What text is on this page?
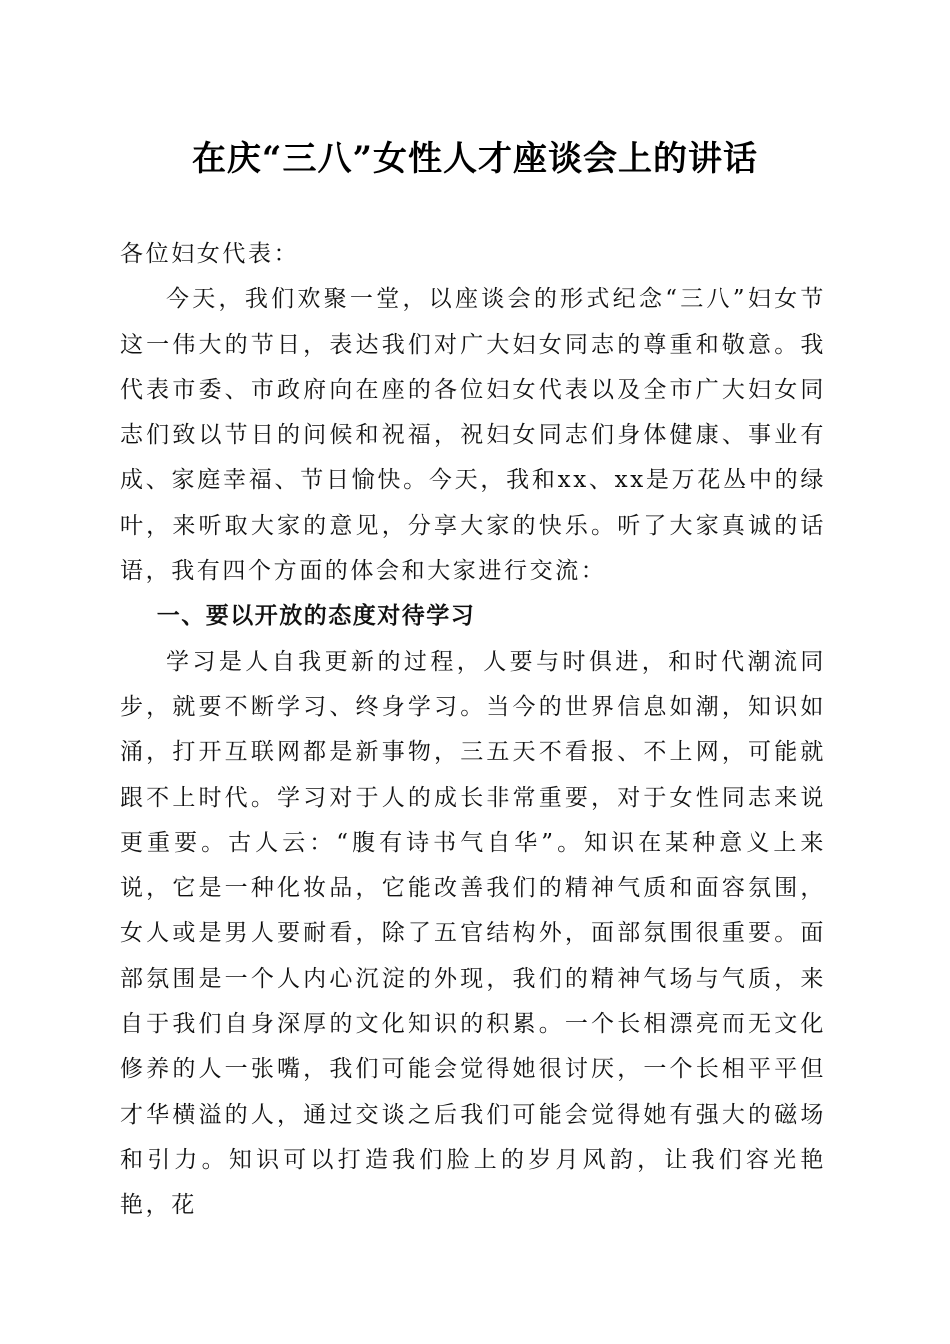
在庆“三八”女性人才座谈会上的讲话

各位妇女代表：

今天，我们欢聚一堂，以座谈会的形式纪念“三八”妇女节这一伟大的节日，表达我们对广大妇女同志的尊重和敬意。我代表市委、市政府向在座的各位妇女代表以及全市广大妇女同志们致以节日的问候和祝福，祝妇女同志们身体健康、事业有成、家庭幸福、节日愉快。今天，我和xx、xx是万花丛中的绿叶，来听取大家的意见，分享大家的快乐。听了大家真诚的话语，我有四个方面的体会和大家进行交流：

一、要以开放的态度对待学习

学习是人自我更新的过程，人要与时俱进，和时代潮流同步，就要不断学习、终身学习。当今的世界信息如潮，知识如涌，打开互联网都是新事物，三五天不看报、不上网，可能就跟不上时代。学习对于人的成长非常重要，对于女性同志来说更重要。古人云：“腹有诗书气自华”。知识在某种意义上来说，它是一种化妆品，它能改善我们的精神气质和面容氛围，女人或是男人要耐看，除了五官结构外，面部氛围很重要。面部氛围是一个人内心沉淀的外现，我们的精神气场与气质，来自于我们自身深厚的文化知识的积累。一个长相漂亮而无文化修养的人一张嘴，我们可能会觉得她很讨厌，一个长相平平但才华横溢的人，通过交谈之后我们可能会觉得她有强大的磁场和引力。知识可以打造我们脸上的岁月风韵，让我们容光艳艳，花
